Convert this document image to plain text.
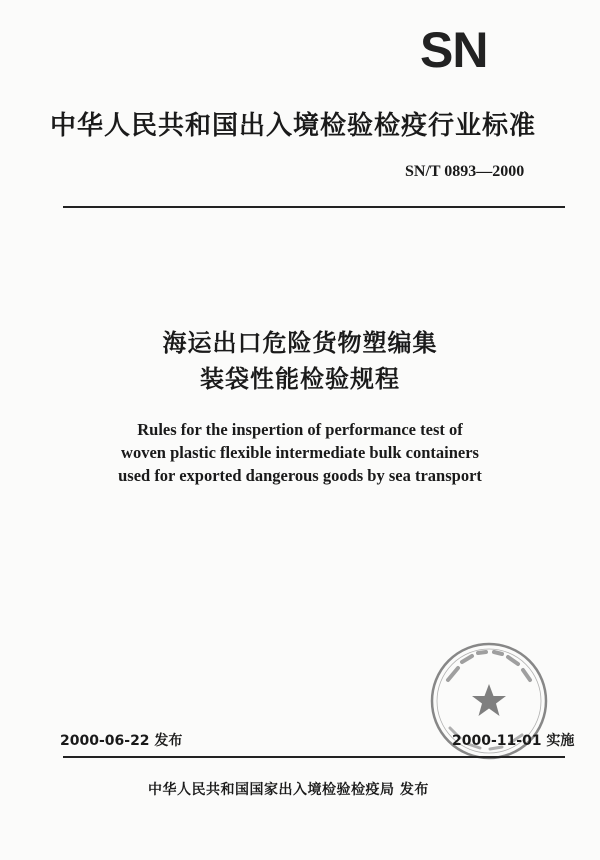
SN
中华人民共和国出入境检验检疫行业标准
SN/T 0893—2000
海运出口危险货物塑编集
装袋性能检验规程
Rules for the inspertion of performance test of
woven plastic flexible intermediate bulk containers
used for exported dangerous goods by sea transport
2000-06-22 发布	2000-11-01 实施
中华人民共和国国家出入境检验检疫局 发布
